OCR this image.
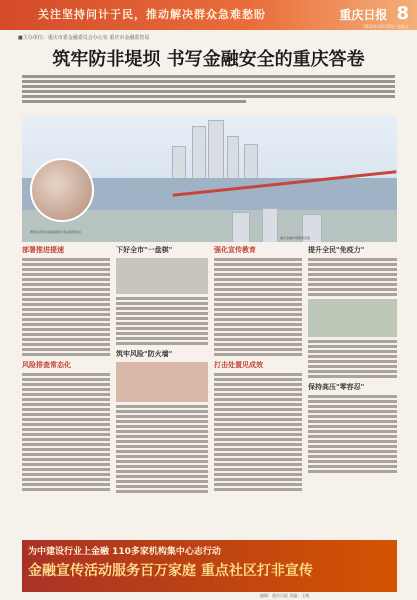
关注坚持问计于民，推动解决群众急难愁盼	重庆日报 8
2023年10月20日 星期五
■主办单位：重庆市委金融委员会办公室 重庆市金融监管局
筑牢防非堤坝 书写金融安全的重庆答卷
群众在宣传栏前阅读防范非法集资知识
重庆金融市场繁荣发展
部署推进提速
风险排查常态化
下好全市"一盘棋"
筑牢风险"防火墙"
强化宣传教育
打击处置见成效
提升全民"免疫力"
保持高压"零容忍"
为中建设行业上金融 110多家机构集中心志行动
金融宣传活动服务百万家庭 重点社区打非宣传
编辑：重庆日报 美编：王晓
